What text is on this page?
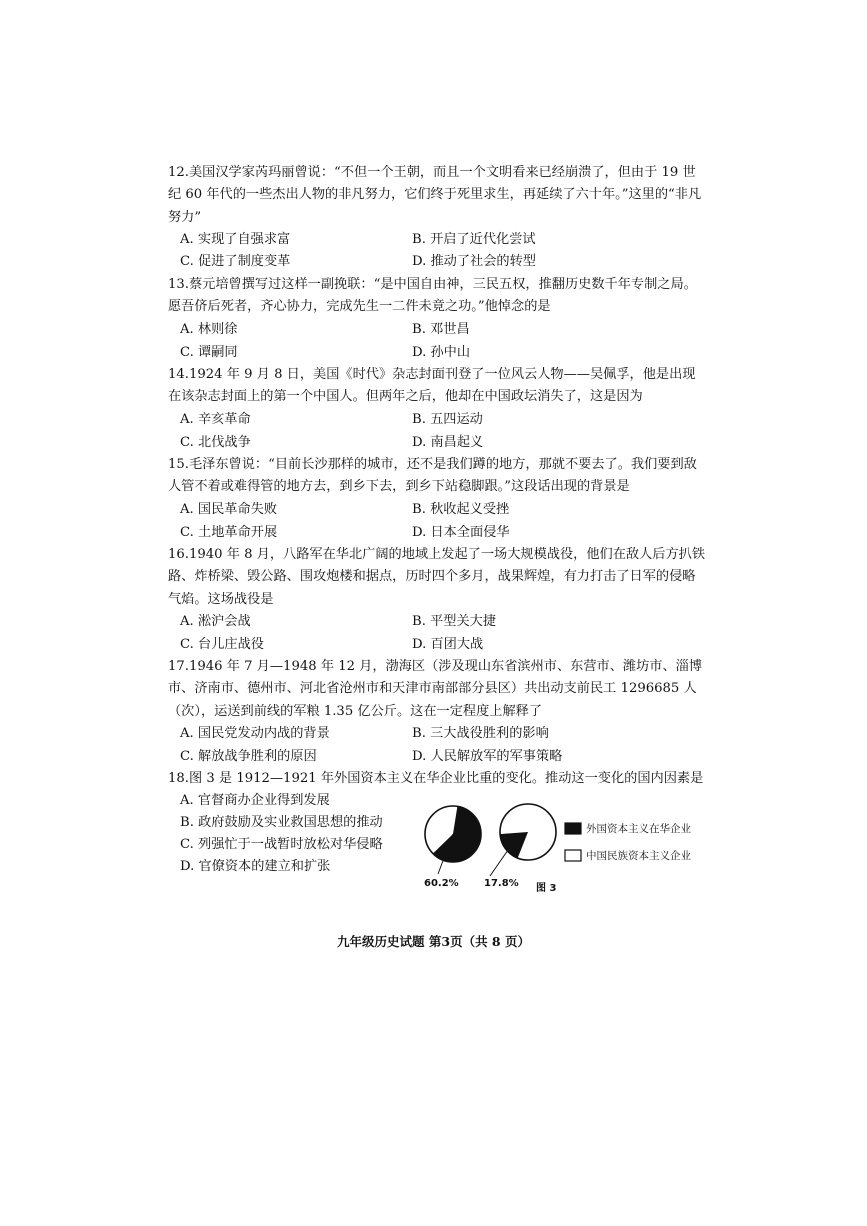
12.美国汉学家芮玛丽曾说：“不但一个王朝，而且一个文明看来已经崩溃了，但由于 19 世纪 60 年代的一些杰出人物的非凡努力，它们终于死里求生，再延续了六十年。”这里的“非凡努力”

A. 实现了自强求富	B. 开启了近代化尝试
C. 促进了制度变革	D. 推动了社会的转型

13.蔡元培曾撰写过这样一副挽联：“是中国自由神，三民五权，推翻历史数千年专制之局。愿吾侪后死者，齐心协力，完成先生一二件未竟之功。”他悼念的是

A. 林则徐	B. 邓世昌
C. 谭嗣同	D. 孙中山

14.1924 年 9 月 8 日，美国《时代》杂志封面刊登了一位风云人物——吴佩孚，他是出现在该杂志封面上的第一个中国人。但两年之后，他却在中国政坛消失了，这是因为

A. 辛亥革命	B. 五四运动
C. 北伐战争	D. 南昌起义

15.毛泽东曾说：“目前长沙那样的城市，还不是我们蹲的地方，那就不要去了。我们要到敌人管不着或难得管的地方去，到乡下去，到乡下站稳脚跟。”这段话出现的背景是

A. 国民革命失败	B. 秋收起义受挫
C. 土地革命开展	D. 日本全面侵华

16.1940 年 8 月，八路军在华北广阔的地域上发起了一场大规模战役，他们在敌人后方扒铁路、炸桥梁、毁公路、围攻炮楼和据点，历时四个多月，战果辉煌，有力打击了日军的侵略气焰。这场战役是

A. 淞沪会战	B. 平型关大捷
C. 台儿庄战役	D. 百团大战

17.1946 年 7 月—1948 年 12 月，渤海区（涉及现山东省滨州市、东营市、潍坊市、淄博市、济南市、德州市、河北省沧州市和天津市南部部分县区）共出动支前民工 1296685 人（次），运送到前线的军粮 1.35 亿公斤。这在一定程度上解释了

A. 国民党发动内战的背景	B. 三大战役胜利的影响
C. 解放战争胜利的原因	D. 人民解放军的军事策略

18.图 3 是 1912—1921 年外国资本主义在华企业比重的变化。推动这一变化的国内因素是

A. 官督商办企业得到发展
B. 政府鼓励及实业救国思想的推动
C. 列强忙于一战暂时放松对华侵略
D. 官僚资本的建立和扩张
外国资本主义在华企业
中国民族资本主义企业
60.2%	17.8% 图 3
九年级历史试题 第3页（共 8 页）
